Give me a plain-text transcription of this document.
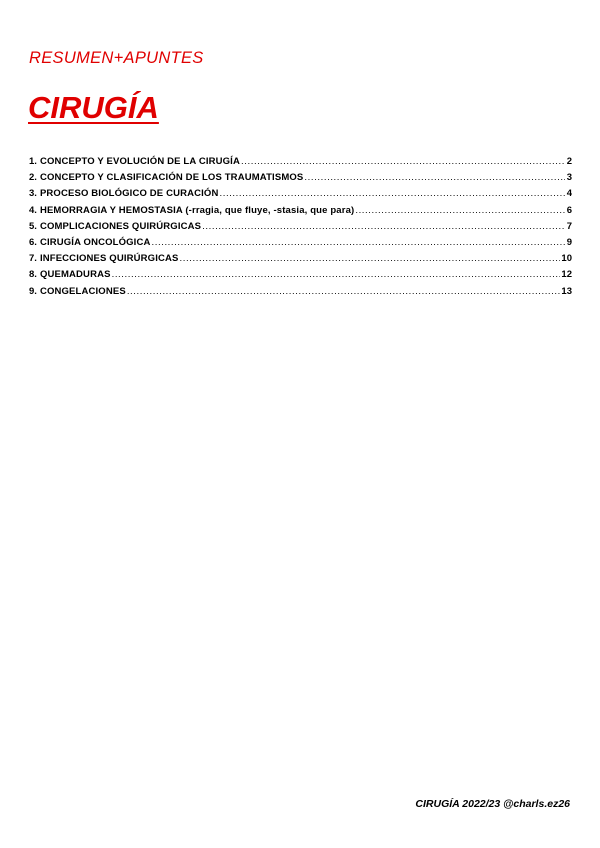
RESUMEN+APUNTES
CIRUGÍA
1. CONCEPTO Y EVOLUCIÓN DE LA CIRUGÍA .....	2
2. CONCEPTO Y CLASIFICACIÓN DE LOS TRAUMATISMOS .....	3
3. PROCESO BIOLÓGICO DE CURACIÓN .....	4
4. HEMORRAGIA Y HEMOSTASIA (-rragia, que fluye, -stasia, que para) .....	6
5. COMPLICACIONES QUIRÚRGICAS .....	7
6. CIRUGÍA ONCOLÓGICA .....	9
7. INFECCIONES QUIRÚRGICAS .....	10
8. QUEMADURAS .....	12
9. CONGELACIONES .....	13
CIRUGÍA 2022/23 @charls.ez26
